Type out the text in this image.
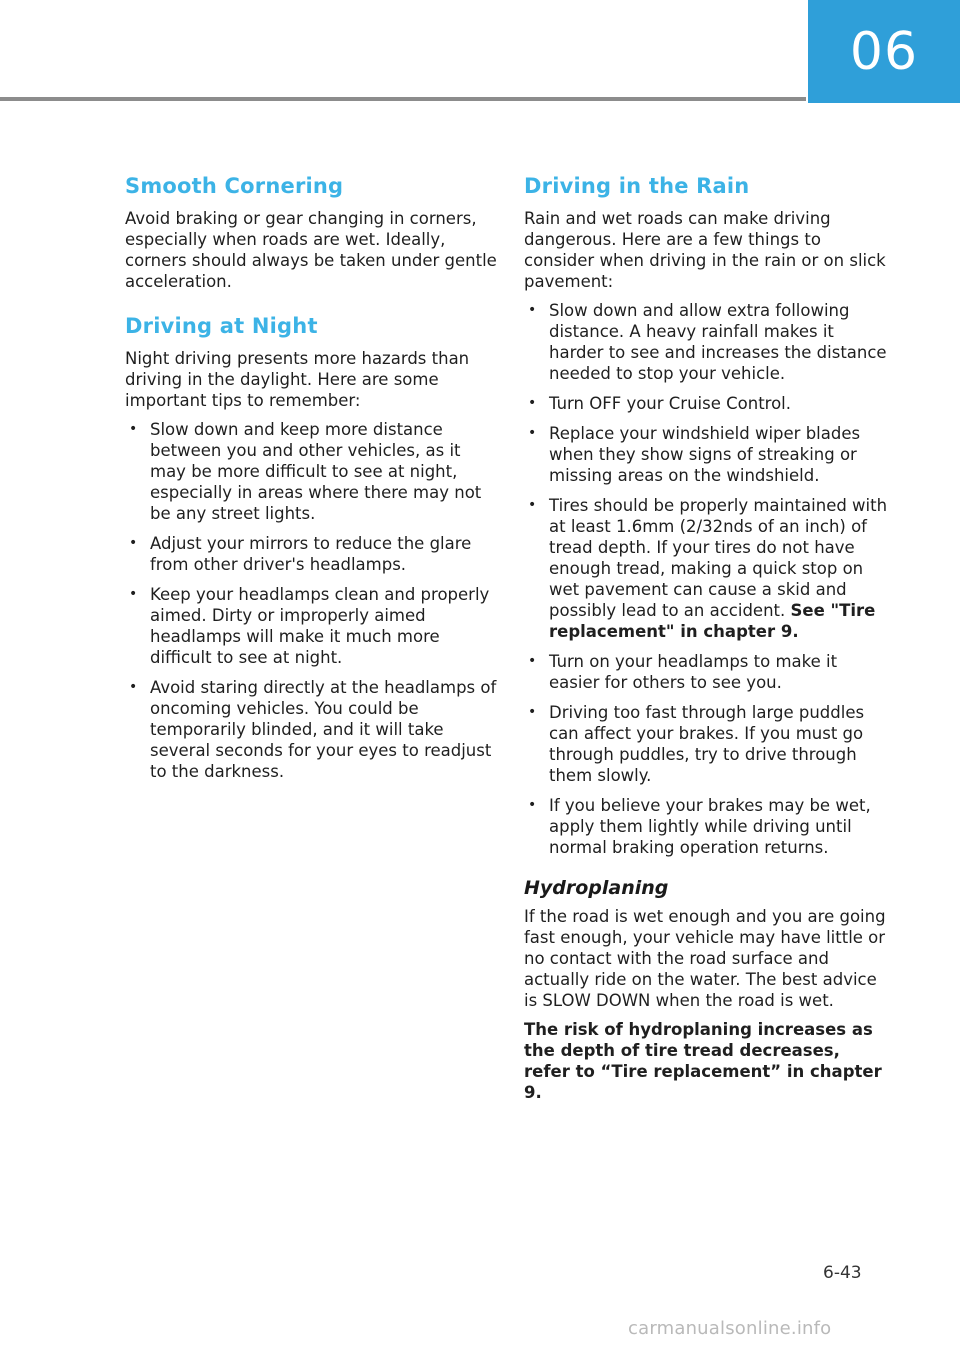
06
Smooth Cornering

Avoid braking or gear changing in corners, especially when roads are wet. Ideally, corners should always be taken under gentle acceleration.

Driving at Night

Night driving presents more hazards than driving in the daylight. Here are some important tips to remember:

• Slow down and keep more distance between you and other vehicles, as it may be more difficult to see at night, especially in areas where there may not be any street lights.
• Adjust your mirrors to reduce the glare from other driver's headlamps.
• Keep your headlamps clean and properly aimed. Dirty or improperly aimed headlamps will make it much more difficult to see at night.
• Avoid staring directly at the headlamps of oncoming vehicles. You could be temporarily blinded, and it will take several seconds for your eyes to readjust to the darkness.
Driving in the Rain

Rain and wet roads can make driving dangerous. Here are a few things to consider when driving in the rain or on slick pavement:

• Slow down and allow extra following distance. A heavy rainfall makes it harder to see and increases the distance needed to stop your vehicle.
• Turn OFF your Cruise Control.
• Replace your windshield wiper blades when they show signs of streaking or missing areas on the windshield.
• Tires should be properly maintained with at least 1.6mm (2/32nds of an inch) of tread depth. If your tires do not have enough tread, making a quick stop on wet pavement can cause a skid and possibly lead to an accident. See "Tire replacement" in chapter 9.
• Turn on your headlamps to make it easier for others to see you.
• Driving too fast through large puddles can affect your brakes. If you must go through puddles, try to drive through them slowly.
• If you believe your brakes may be wet, apply them lightly while driving until normal braking operation returns.
Hydroplaning

If the road is wet enough and you are going fast enough, your vehicle may have little or no contact with the road surface and actually ride on the water. The best advice is SLOW DOWN when the road is wet.

The risk of hydroplaning increases as the depth of tire tread decreases, refer to “Tire replacement” in chapter 9.

6-43
carmanualsonline.info
